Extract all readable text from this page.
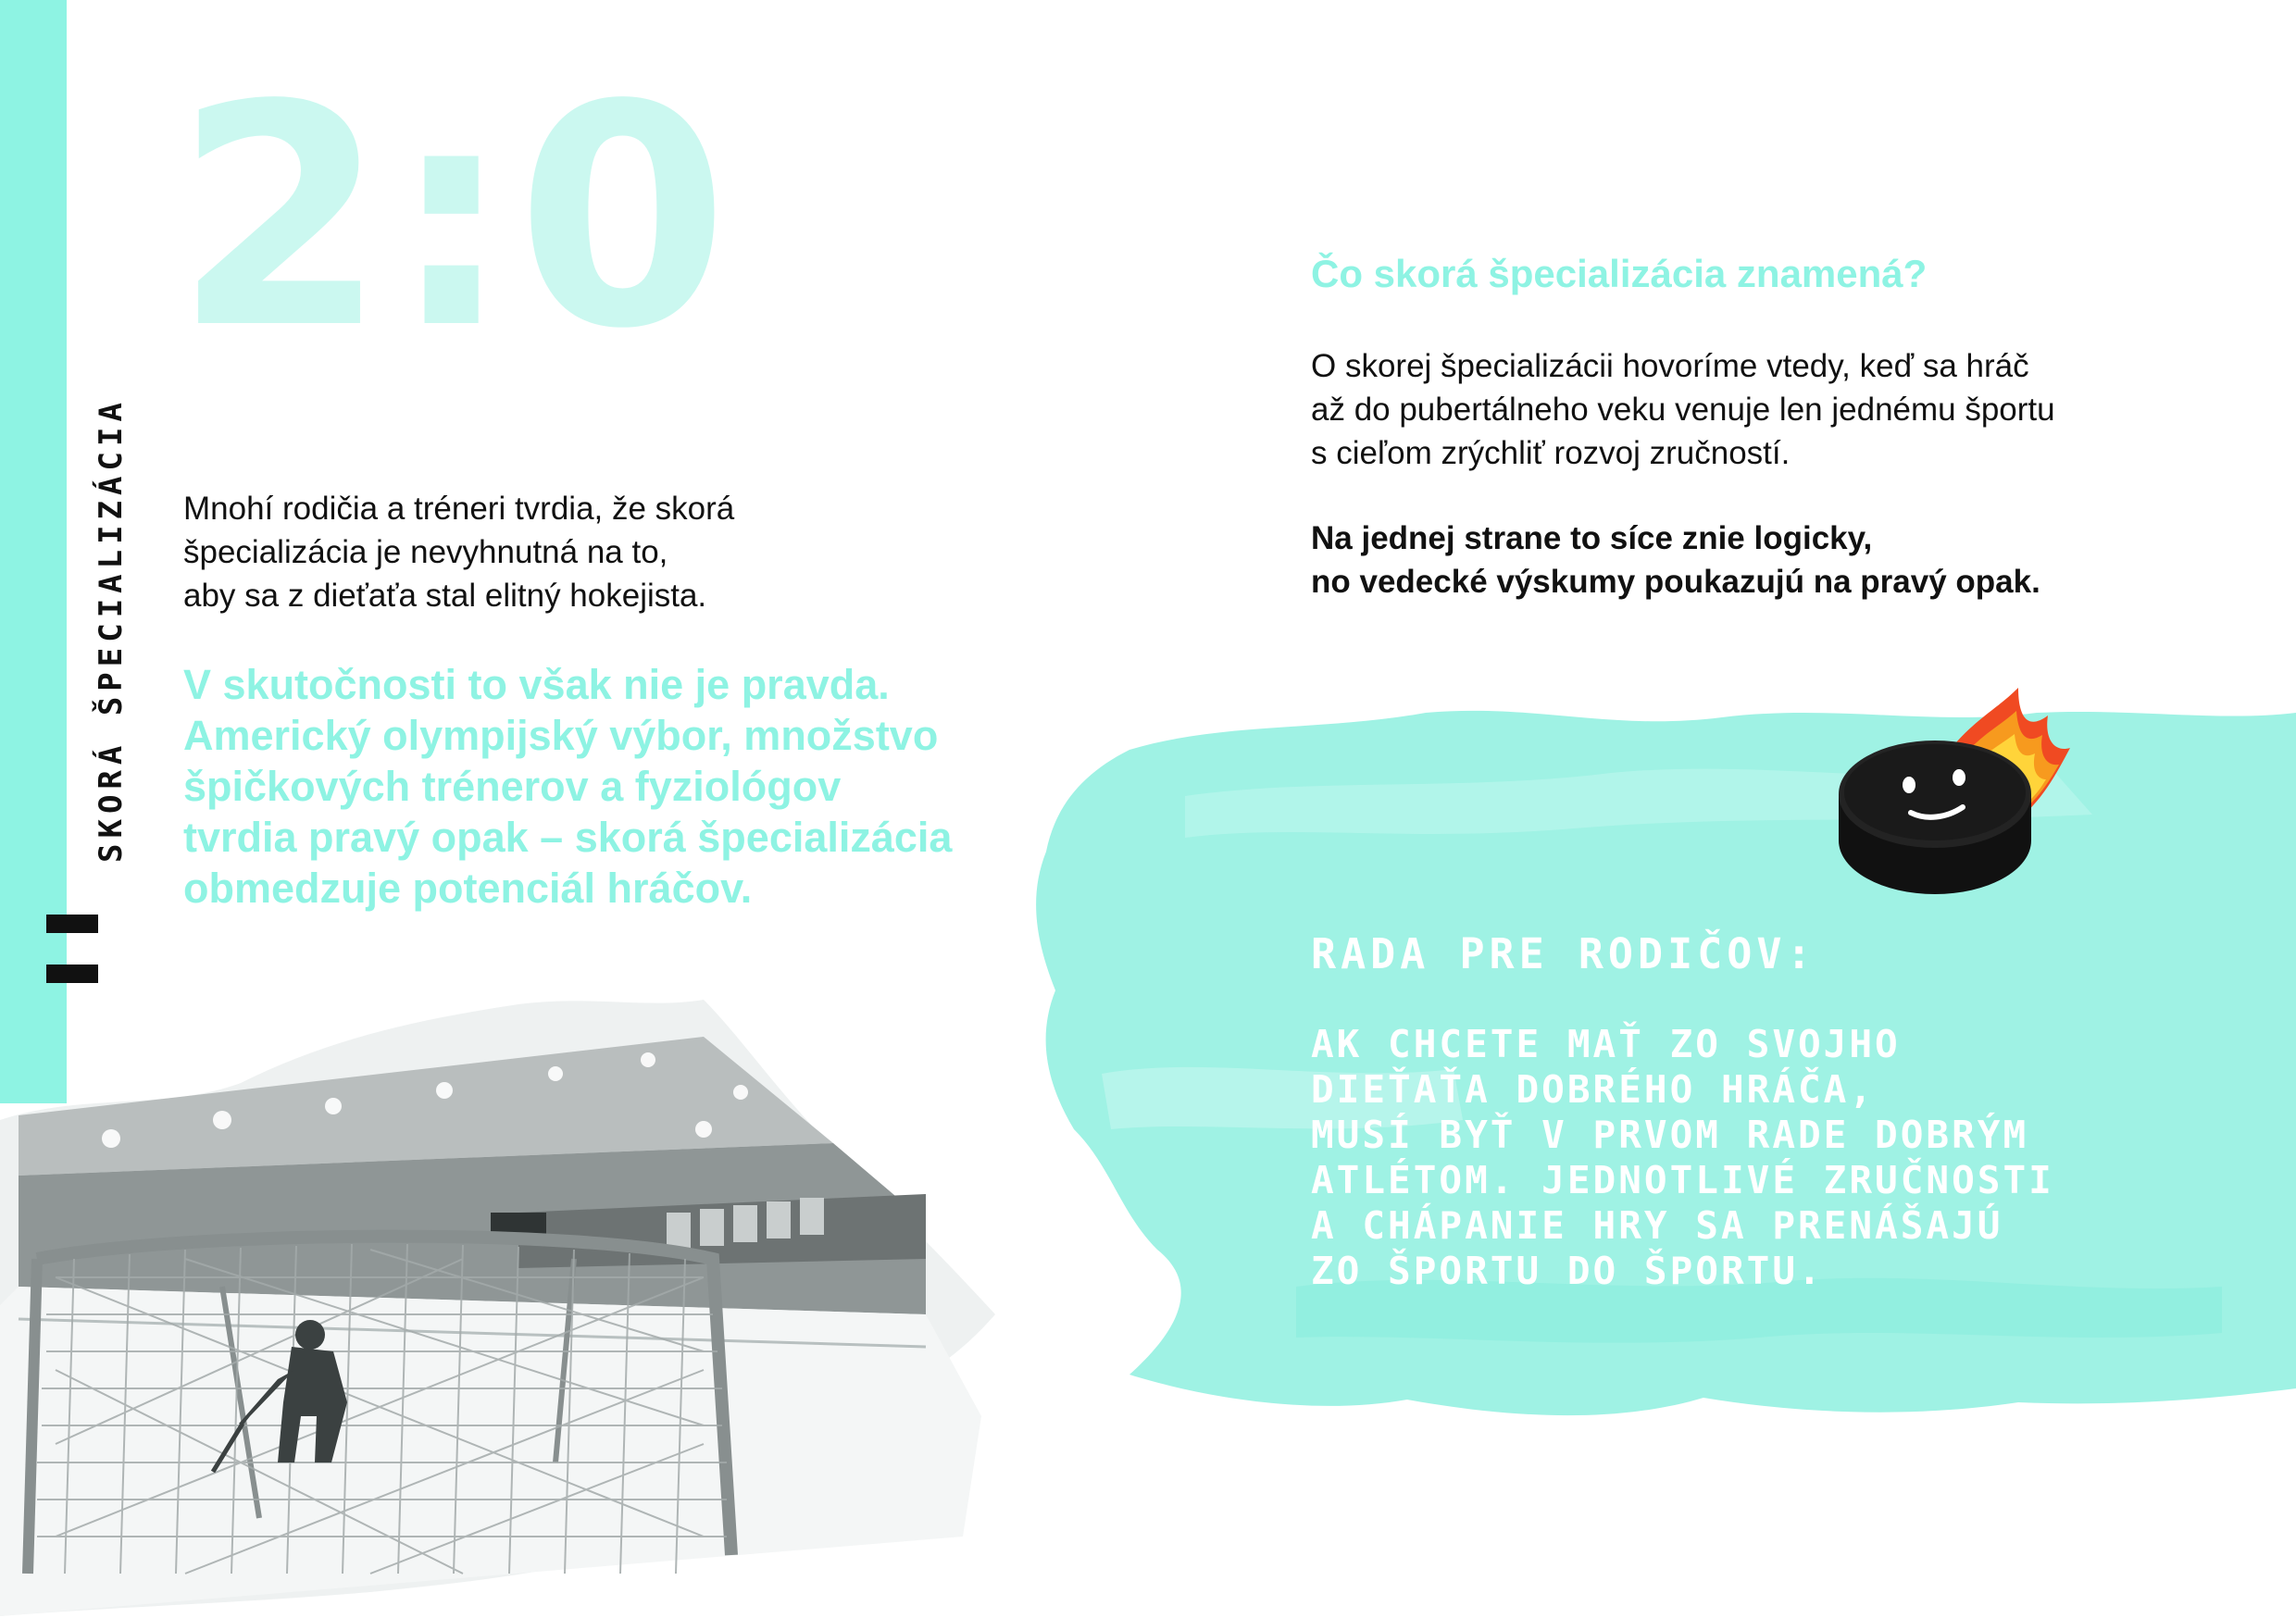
SKORÁ ŠPECIALIZÁCIA
2:0
Mnohí rodičia a tréneri tvrdia, že skorá
špecializácia je nevyhnutná na to,
aby sa z dieťaťa stal elitný hokejista.
V skutočnosti to však nie je pravda.
Americký olympijský výbor, množstvo
špičkových trénerov a fyziológov
tvrdia pravý opak – skorá špecializácia
obmedzuje potenciál hráčov.
Čo skorá špecializácia znamená?
O skorej špecializácii hovoríme vtedy, keď sa hráč
až do pubertálneho veku venuje len jednému športu
s cieľom zrýchliť rozvoj zručností.
Na jednej strane to síce znie logicky,
no vedecké výskumy poukazujú na pravý opak.
RADA PRE RODIČOV:
AK CHCETE MAŤ ZO SVOJHO
DIEŤAŤA DOBRÉHO HRÁČA,
MUSÍ BYŤ V PRVOM RADE DOBRÝM
ATLÉTOM. JEDNOTLIVÉ ZRUČNOSTI
A CHÁPANIE HRY SA PRENÁŠAJÚ
ZO ŠPORTU DO ŠPORTU.
